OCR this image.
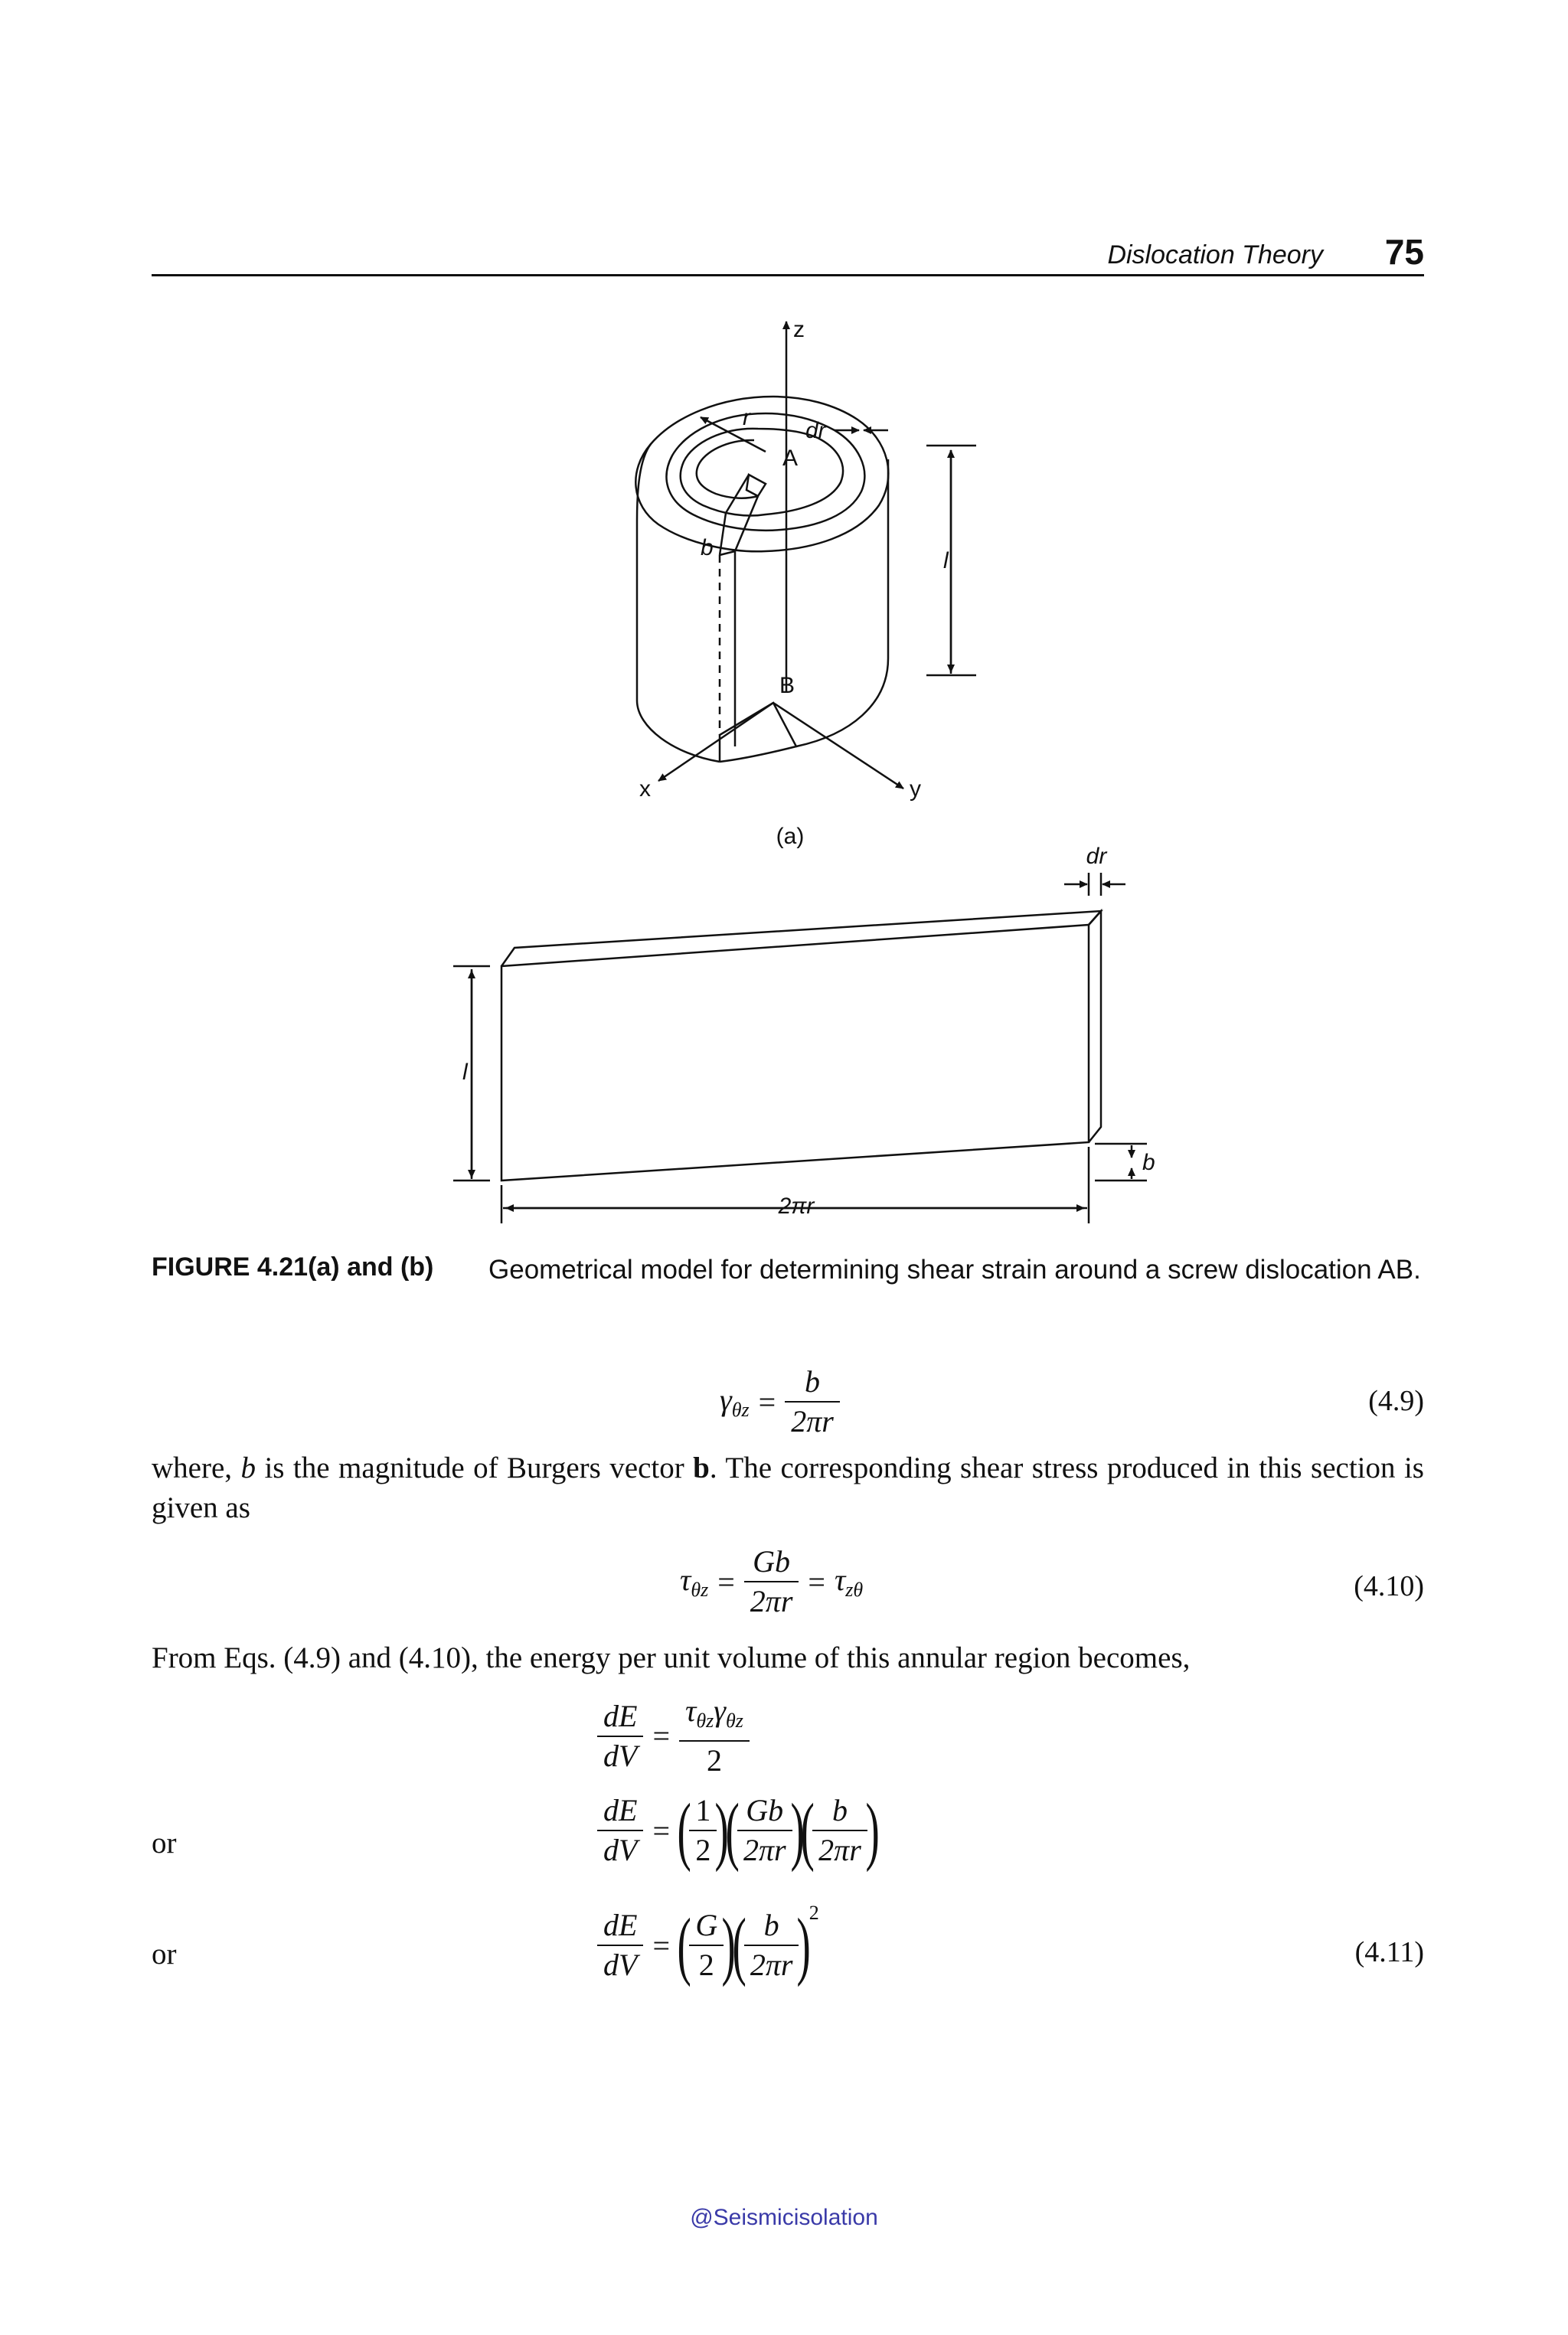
Dislocation Theory 75
z
x	y
r
dr
A
B
b
l
(a)
dr
l
b
2πr
FIGURE 4.21(a) and (b) Geometrical model for determining shear strain around a screw dislocation AB.
$\gamma_{\theta z} = \frac{b}{2\pi r}$	(4.9)
where, b is the magnitude of Burgers vector b. The corresponding shear stress produced in this section is given as
$\tau_{\theta z} = \frac{Gb}{2\pi r} = \tau_{z\theta}$	(4.10)
From Eqs. (4.9) and (4.10), the energy per unit volume of this annular region becomes,
$\frac{dE}{dV} = \frac{\tau_{\theta z}\gamma_{\theta z}}{2}$
or	$\frac{dE}{dV}$ = (
$\frac{1}{2}$
)
(
$\frac{Gb}{2\pi r}$
)
(
$\frac{b}{2\pi r}$
)
or	$\frac{dE}{dV}$ = (
$\frac{G}{2}$
)
(
$\frac{b}{2\pi r}$
)
2
(4.11)
@Seismicisolation
